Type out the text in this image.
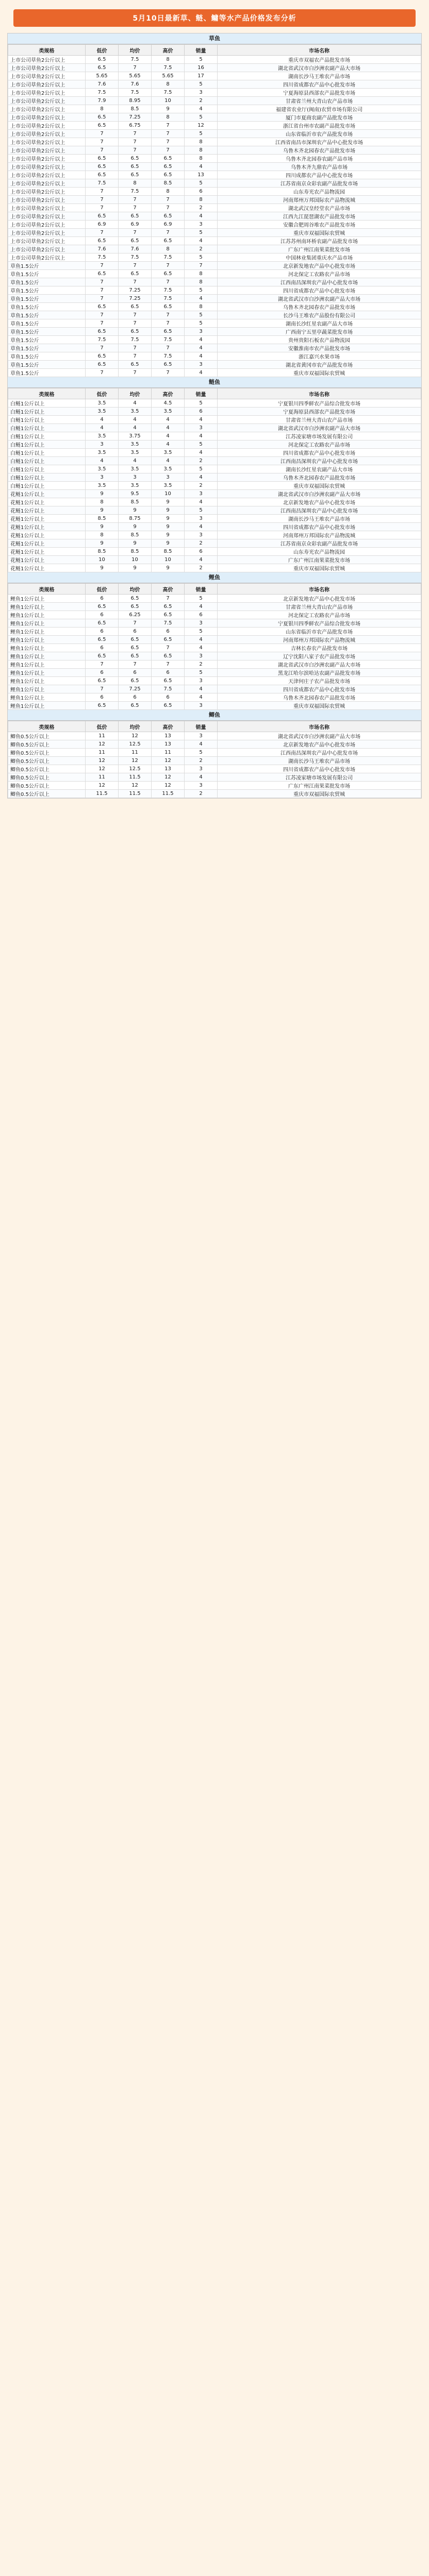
5月10日最新草、鲢、鳙等水产品价格发布分析
草鱼
类规格	低价	均价	高价	销量	市场名称
上市公司草鱼2公斤以上	6.5	7.5	8	5	重庆市双福农产品批发市场
上市公司草鱼2公斤以上	6.5	7	7.5	16	湖北省武汉市白沙洲农副产品大市场
上市公司草鱼2公斤以上	5.65	5.65	5.65	17	湖南长沙马王堆农产品市场
上市公司草鱼2公斤以上	7.6	7.6	8	5	四川省成都农产品中心批发市场
上市公司草鱼2公斤以上	7.5	7.5	7.5	3	宁夏海原县西部农产品批发市场
上市公司草鱼2公斤以上	7.9	8.95	10	2	甘肃省兰州大青山农产品市场
上市公司草鱼2公斤以上	8	8.5	9	4	福建省农业厅(闽南)农贸市场有限公司
上市公司草鱼2公斤以上	6.5	7.25	8	5	厦门市夏商农副产品批发市场
上市公司草鱼2公斤以上	6.5	6.75	7	12	浙江省台州市农副产品批发市场
上市公司草鱼2公斤以上	7	7	7	5	山东省临沂市农产品批发市场
上市公司草鱼2公斤以上	7	7	7	8	江西省南昌市深圳农产品中心批发市场
上市公司草鱼2公斤以上	7	7	7	8	乌鲁木齐北园春农产品批发市场
上市公司草鱼2公斤以上	6.5	6.5	6.5	8	乌鲁木齐北园春农副产品市场
上市公司草鱼2公斤以上	6.5	6.5	6.5	4	乌鲁木齐九鼎农产品市场
上市公司草鱼2公斤以上	6.5	6.5	6.5	13	四川成都农产品中心批发市场
上市公司草鱼2公斤以上	7.5	8	8.5	5	江苏省南京众彩农副产品批发市场
上市公司草鱼2公斤以上	7	7.5	8	6	山东寿光农产品物流园
上市公司草鱼2公斤以上	7	7	7	8	河南郑州万邦国际农产品物流城
上市公司草鱼2公斤以上	7	7	7	2	湖北武汉皇经堂农产品市场
上市公司草鱼2公斤以上	6.5	6.5	6.5	4	江西九江琵琶湖农产品批发市场
上市公司草鱼2公斤以上	6.9	6.9	6.9	3	安徽合肥周谷堆农产品批发市场
上市公司草鱼2公斤以上	7	7	7	5	重庆市双福国际农贸城
上市公司草鱼2公斤以上	6.5	6.5	6.5	4	江苏苏州南环桥农副产品批发市场
上市公司草鱼2公斤以上	7.6	7.6	8	2	广东广州江南果菜批发市场
上市公司草鱼2公斤以上	7.5	7.5	7.5	5	中国林业集团重庆水产品市场
草鱼1.5公斤	7	7	7	7	北京新发地农产品中心批发市场
草鱼1.5公斤	6.5	6.5	6.5	8	河北保定工农路农产品市场
草鱼1.5公斤	7	7	7	8	江西南昌深圳农产品中心批发市场
草鱼1.5公斤	7	7.25	7.5	5	四川省成都农产品中心批发市场
草鱼1.5公斤	7	7.25	7.5	4	湖北省武汉市白沙洲农副产品大市场
草鱼1.5公斤	6.5	6.5	6.5	8	乌鲁木齐北园春农产品批发市场
草鱼1.5公斤	7	7	7	5	长沙马王堆农产品股份有限公司
草鱼1.5公斤	7	7	7	5	湖南长沙红星农副产品大市场
草鱼1.5公斤	6.5	6.5	6.5	3	广西南宁五里亭蔬菜批发市场
草鱼1.5公斤	7.5	7.5	7.5	4	贵州贵阳石板农产品物流园
草鱼1.5公斤	7	7	7	4	安徽淮南市农产品批发市场
草鱼1.5公斤	6.5	7	7.5	4	浙江嘉兴水果市场
草鱼1.5公斤	6.5	6.5	6.5	3	湖北省黄冈市农产品批发市场
草鱼1.5公斤	7	7	7	4	重庆市双福国际农贸城
鲢鱼
类规格	低价	均价	高价	销量	市场名称
白鲢1公斤以上	3.5	4	4.5	5	宁夏银川四季鲜农产品综合批发市场
白鲢1公斤以上	3.5	3.5	3.5	6	宁夏海原县西部农产品批发市场
白鲢1公斤以上	4	4	4	4	甘肃省兰州大青山农产品市场
白鲢1公斤以上	4	4	4	3	湖北省武汉市白沙洲农副产品大市场
白鲢1公斤以上	3.5	3.75	4	4	江苏凌家塘市场发展有限公司
白鲢1公斤以上	3	3.5	4	5	河北保定工农路农产品市场
白鲢1公斤以上	3.5	3.5	3.5	4	四川省成都农产品中心批发市场
白鲢1公斤以上	4	4	4	2	江西南昌深圳农产品中心批发市场
白鲢1公斤以上	3.5	3.5	3.5	5	湖南长沙红星农副产品大市场
白鲢1公斤以上	3	3	3	4	乌鲁木齐北园春农产品批发市场
白鲢1公斤以上	3.5	3.5	3.5	2	重庆市双福国际农贸城
花鲢1公斤以上	9	9.5	10	3	湖北省武汉市白沙洲农副产品大市场
花鲢1公斤以上	8	8.5	9	4	北京新发地农产品中心批发市场
花鲢1公斤以上	9	9	9	5	江西南昌深圳农产品中心批发市场
花鲢1公斤以上	8.5	8.75	9	3	湖南长沙马王堆农产品市场
花鲢1公斤以上	9	9	9	4	四川省成都农产品中心批发市场
花鲢1公斤以上	8	8.5	9	3	河南郑州万邦国际农产品物流城
花鲢1公斤以上	9	9	9	2	江苏省南京众彩农副产品批发市场
花鲢1公斤以上	8.5	8.5	8.5	6	山东寿光农产品物流园
花鲢1公斤以上	10	10	10	4	广东广州江南果菜批发市场
花鲢1公斤以上	9	9	9	2	重庆市双福国际农贸城
鲤鱼
类规格	低价	均价	高价	销量	市场名称
鲤鱼1公斤以上	6	6.5	7	5	北京新发地农产品中心批发市场
鲤鱼1公斤以上	6.5	6.5	6.5	4	甘肃省兰州大青山农产品市场
鲤鱼1公斤以上	6	6.25	6.5	6	河北保定工农路农产品市场
鲤鱼1公斤以上	6.5	7	7.5	3	宁夏银川四季鲜农产品综合批发市场
鲤鱼1公斤以上	6	6	6	5	山东省临沂市农产品批发市场
鲤鱼1公斤以上	6.5	6.5	6.5	4	河南郑州万邦国际农产品物流城
鲤鱼1公斤以上	6	6.5	7	4	吉林长春农产品批发市场
鲤鱼1公斤以上	6.5	6.5	6.5	3	辽宁沈阳八家子农产品批发市场
鲤鱼1公斤以上	7	7	7	2	湖北省武汉市白沙洲农副产品大市场
鲤鱼1公斤以上	6	6	6	5	黑龙江哈尔滨哈达农副产品批发市场
鲤鱼1公斤以上	6.5	6.5	6.5	3	天津何庄子农产品批发市场
鲤鱼1公斤以上	7	7.25	7.5	4	四川省成都农产品中心批发市场
鲤鱼1公斤以上	6	6	6	4	乌鲁木齐北园春农产品批发市场
鲤鱼1公斤以上	6.5	6.5	6.5	3	重庆市双福国际农贸城
鲫鱼
类规格	低价	均价	高价	销量	市场名称
鲫鱼0.5公斤以上	11	12	13	3	湖北省武汉市白沙洲农副产品大市场
鲫鱼0.5公斤以上	12	12.5	13	4	北京新发地农产品中心批发市场
鲫鱼0.5公斤以上	11	11	11	5	江西南昌深圳农产品中心批发市场
鲫鱼0.5公斤以上	12	12	12	2	湖南长沙马王堆农产品市场
鲫鱼0.5公斤以上	12	12.5	13	3	四川省成都农产品中心批发市场
鲫鱼0.5公斤以上	11	11.5	12	4	江苏凌家塘市场发展有限公司
鲫鱼0.5公斤以上	12	12	12	3	广东广州江南果菜批发市场
鲫鱼0.5公斤以上	11.5	11.5	11.5	2	重庆市双福国际农贸城
